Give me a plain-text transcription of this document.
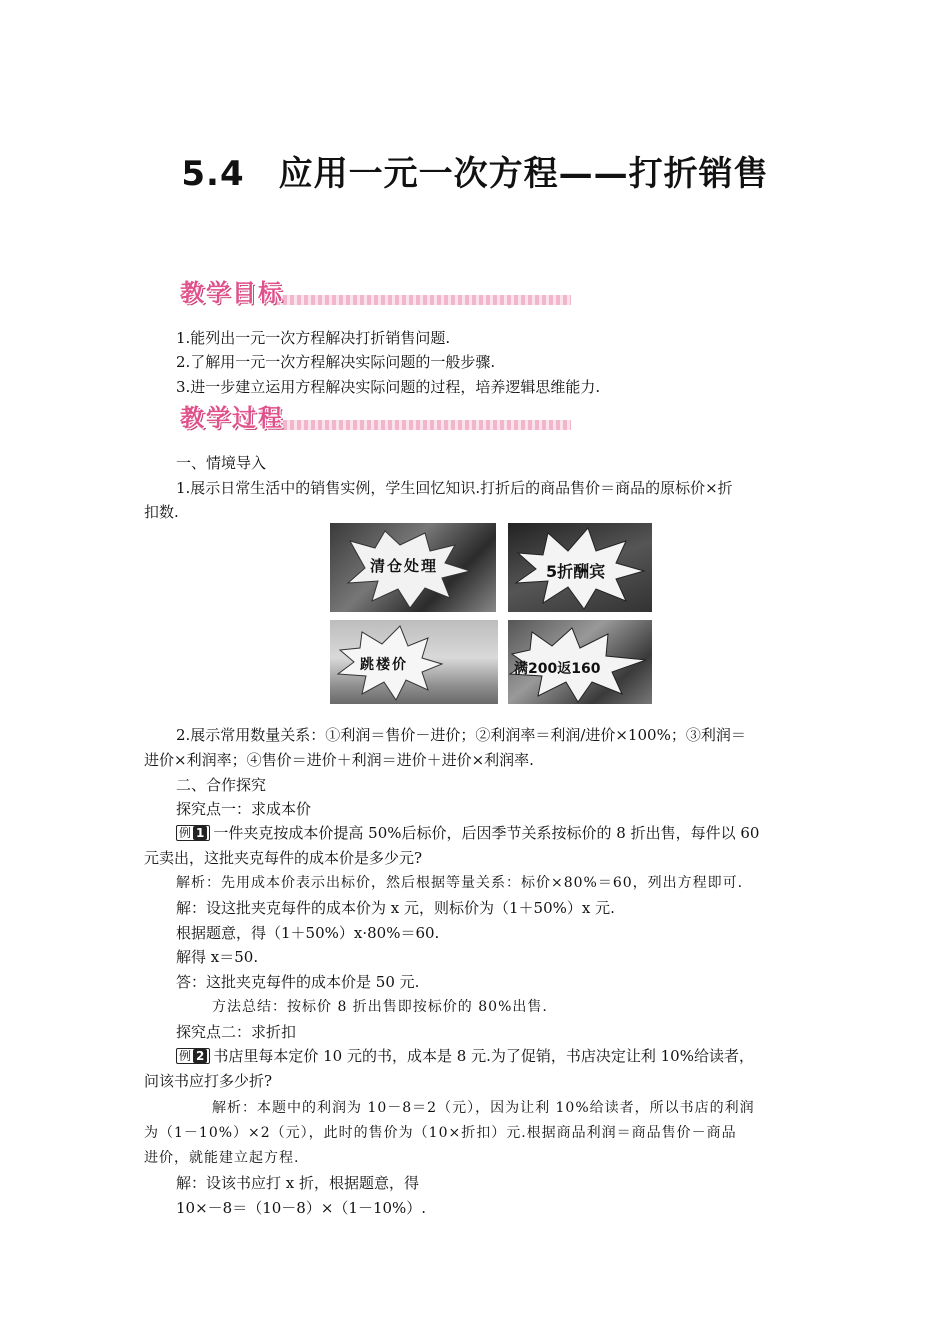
5.4 应用一元一次方程——打折销售
教学目标
1.能列出一元一次方程解决打折销售问题.
2.了解用一元一次方程解决实际问题的一般步骤.
3.进一步建立运用方程解决实际问题的过程，培养逻辑思维能力.
教学过程
一、情境导入
1.展示日常生活中的销售实例，学生回忆知识.打折后的商品售价＝商品的原标价×折
扣数.
清仓处理	5折酬宾
跳楼价	满200返160
2.展示常用数量关系：①利润＝售价－进价；②利润率＝利润/进价×100%；③利润＝
进价×利润率；④售价＝进价＋利润＝进价＋进价×利润率.
二、合作探究
探究点一：求成本价
例 1 一件夹克按成本价提高 50%后标价，后因季节关系按标价的 8 折出售，每件以 60
元卖出，这批夹克每件的成本价是多少元?
解析：先用成本价表示出标价，然后根据等量关系：标价×80%＝60，列出方程即可.
解：设这批夹克每件的成本价为 x 元，则标价为（1＋50%）x 元.
根据题意，得（1＋50%）x·80%＝60.
解得 x＝50.
答：这批夹克每件的成本价是 50 元.
方法总结：按标价 8 折出售即按标价的 80%出售.
探究点二：求折扣
例 2 书店里每本定价 10 元的书，成本是 8 元.为了促销，书店决定让利 10%给读者，
问该书应打多少折?
解析：本题中的利润为 10－8＝2（元），因为让利 10%给读者，所以书店的利润
为（1－10%）×2（元），此时的售价为（10×折扣）元.根据商品利润＝商品售价－商品
进价，就能建立起方程.
解：设该书应打 x 折，根据题意，得
10×－8＝（10－8）×（1－10%）.
